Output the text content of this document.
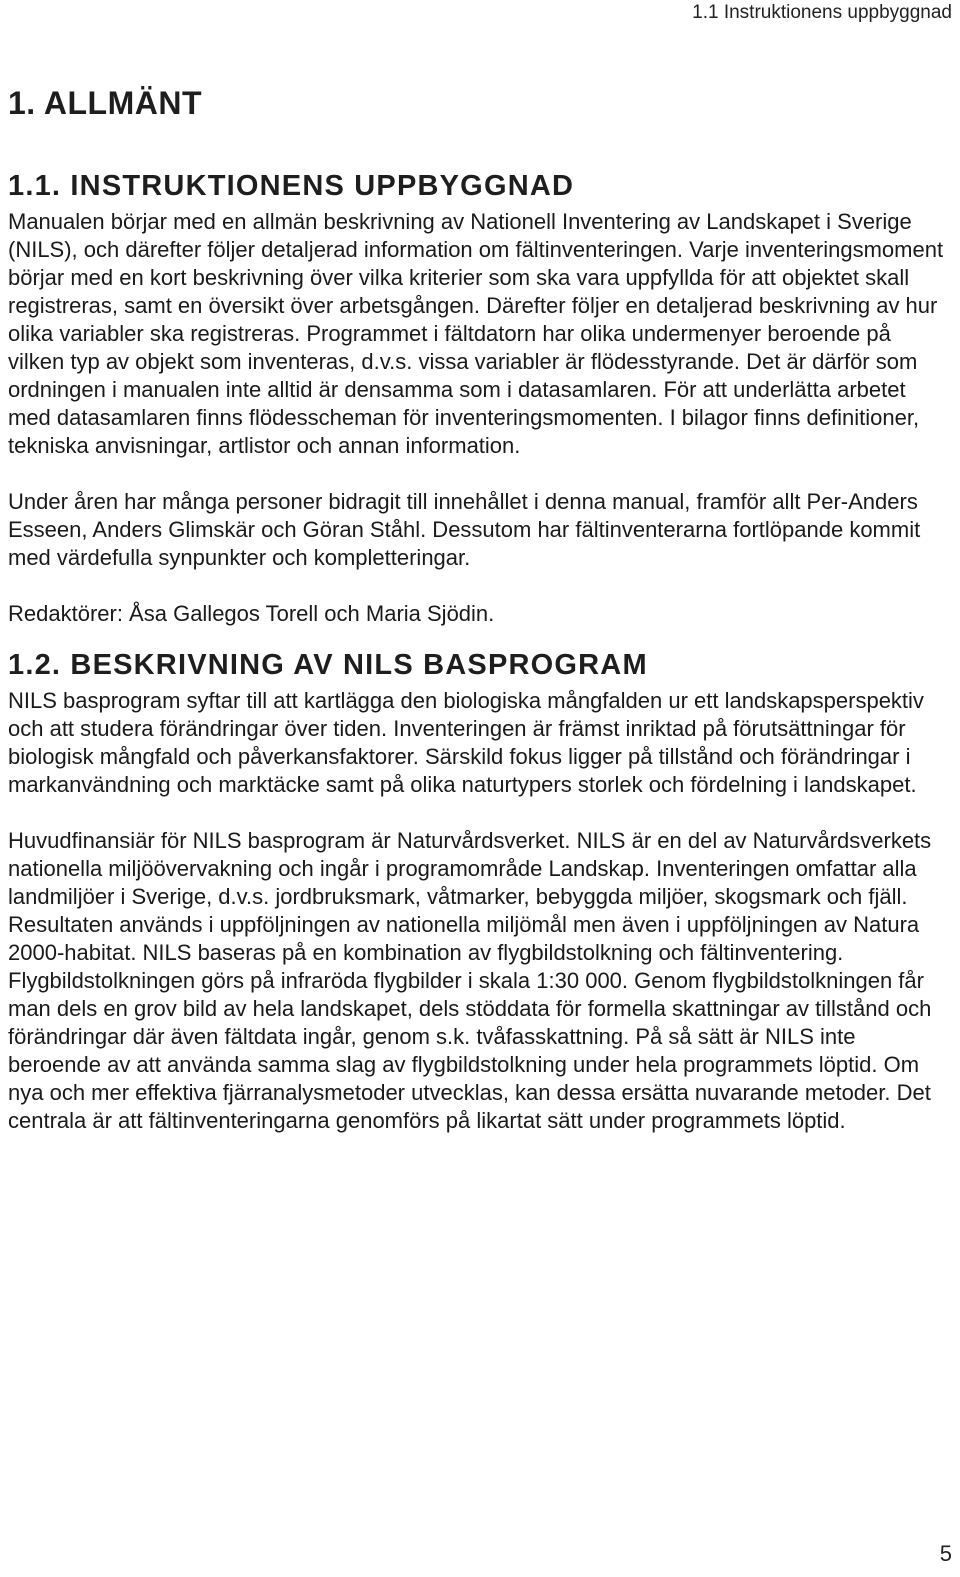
1.1 Instruktionens uppbyggnad
1. ALLMÄNT
1.1. INSTRUKTIONENS UPPBYGGNAD

Manualen börjar med en allmän beskrivning av Nationell Inventering av Landskapet i Sverige (NILS), och därefter följer detaljerad information om fältinventeringen. Varje inventeringsmoment börjar med en kort beskrivning över vilka kriterier som ska vara uppfyllda för att objektet skall registreras, samt en översikt över arbetsgången. Därefter följer en detaljerad beskrivning av hur olika variabler ska registreras. Programmet i fältdatorn har olika undermenyer beroende på vilken typ av objekt som inventeras, d.v.s. vissa variabler är flödesstyrande. Det är därför som ordningen i manualen inte alltid är densamma som i datasamlaren. För att underlätta arbetet med datasamlaren finns flödesscheman för inventeringsmomenten. I bilagor finns definitioner, tekniska anvisningar, artlistor och annan information.

Under åren har många personer bidragit till innehållet i denna manual, framför allt Per-Anders Esseen, Anders Glimskär och Göran Ståhl. Dessutom har fältinventerarna fortlöpande kommit med värdefulla synpunkter och kompletteringar.

Redaktörer: Åsa Gallegos Torell och Maria Sjödin.

1.2. BESKRIVNING AV NILS BASPROGRAM

NILS basprogram syftar till att kartlägga den biologiska mångfalden ur ett landskapsperspektiv och att studera förändringar över tiden. Inventeringen är främst inriktad på förutsättningar för biologisk mångfald och påverkansfaktorer. Särskild fokus ligger på tillstånd och förändringar i markanvändning och marktäcke samt på olika naturtypers storlek och fördelning i landskapet.

Huvudfinansiär för NILS basprogram är Naturvårdsverket. NILS är en del av Naturvårdsverkets nationella miljöövervakning och ingår i programområde Landskap. Inventeringen omfattar alla landmiljöer i Sverige, d.v.s. jordbruksmark, våtmarker, bebyggda miljöer, skogsmark och fjäll. Resultaten används i uppföljningen av nationella miljömål men även i uppföljningen av Natura 2000-habitat. NILS baseras på en kombination av flygbildstolkning och fältinventering. Flygbildstolkningen görs på infraröda flygbilder i skala 1:30 000. Genom flygbildstolkningen får man dels en grov bild av hela landskapet, dels stöddata för formella skattningar av tillstånd och förändringar där även fältdata ingår, genom s.k. tvåfasskattning. På så sätt är NILS inte beroende av att använda samma slag av flygbildstolkning under hela programmets löptid. Om nya och mer effektiva fjärranalysmetoder utvecklas, kan dessa ersätta nuvarande metoder. Det centrala är att fältinventeringarna genomförs på likartat sätt under programmets löptid.

5
